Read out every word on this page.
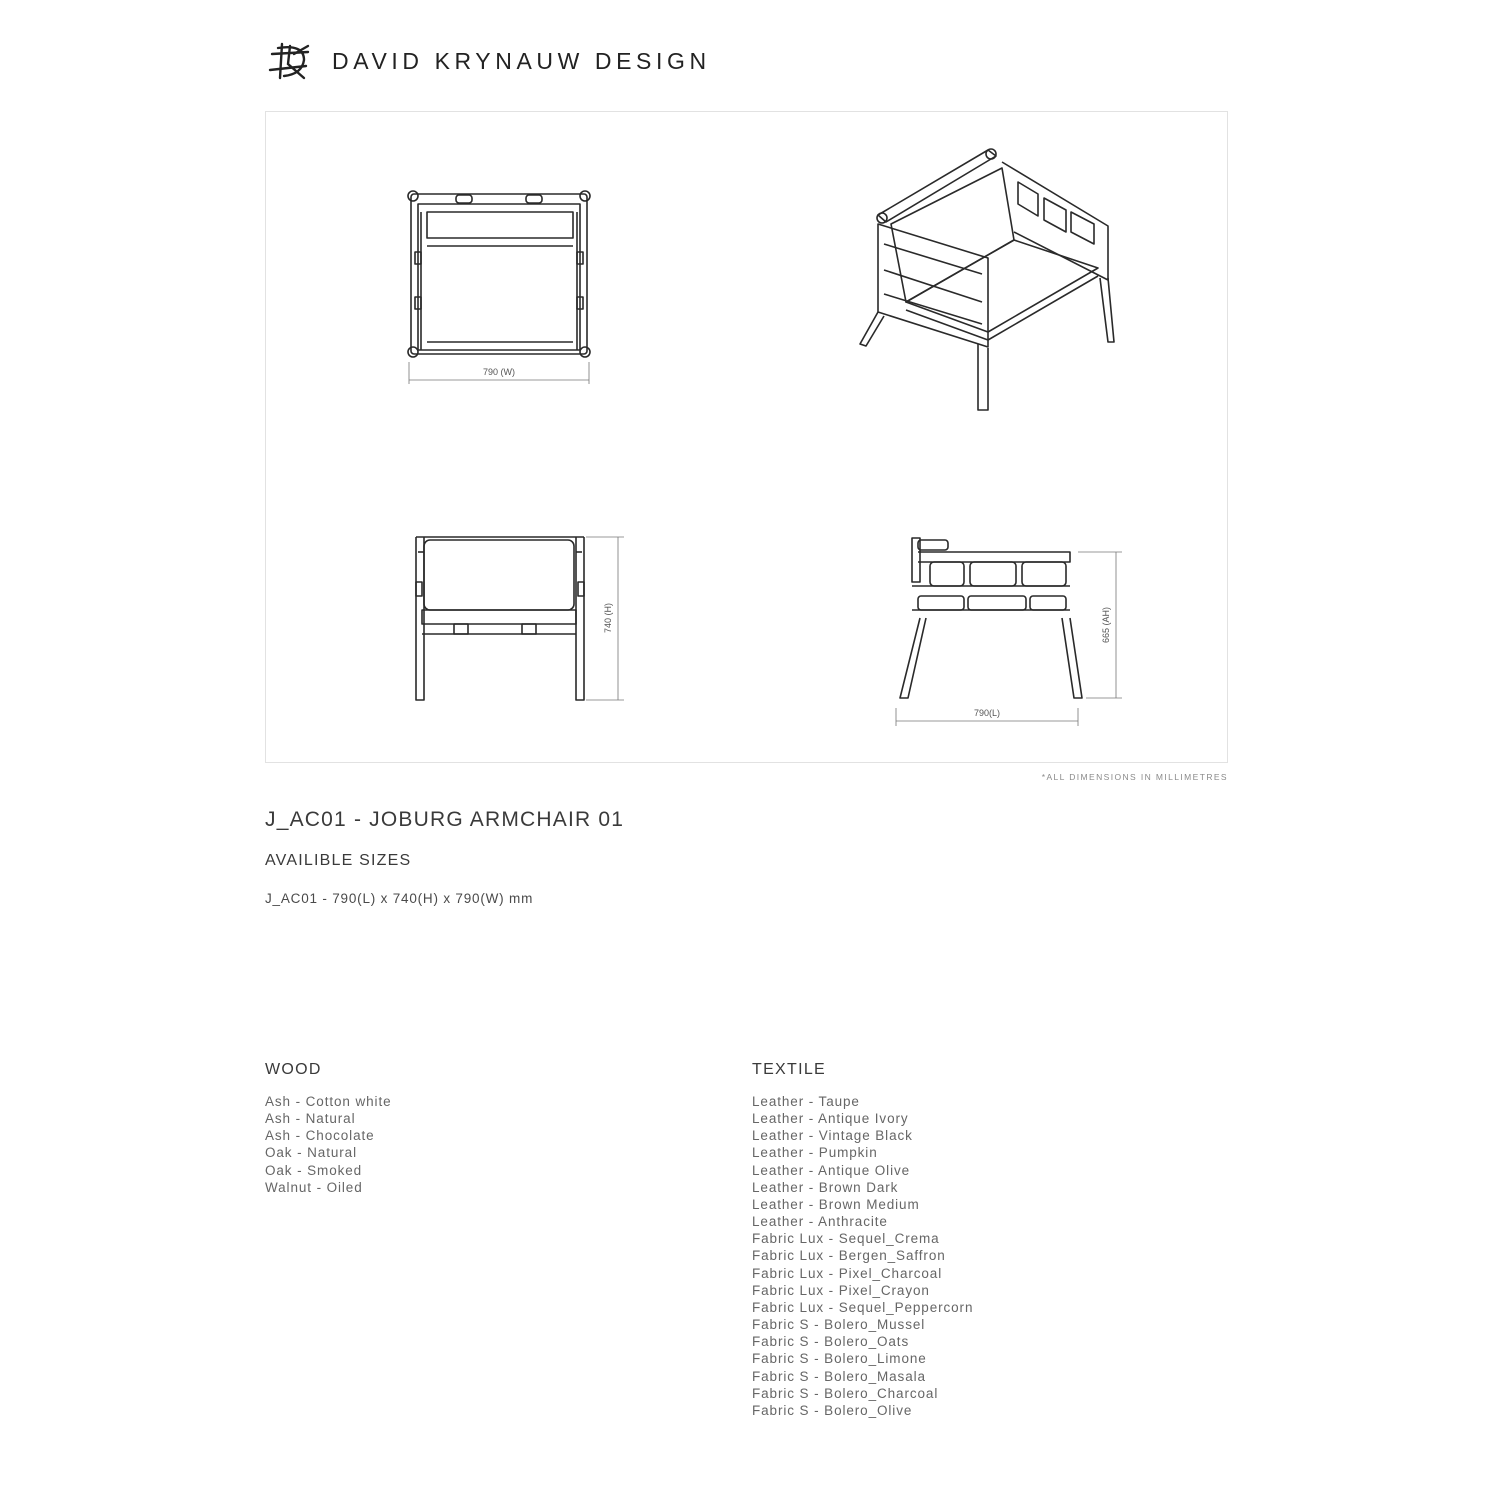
DAVID KRYNAUW DESIGN
790 (W)
740 (H)	665 (AH)
790(L)
*ALL DIMENSIONS IN MILLIMETRES
J_AC01 - JOBURG ARMCHAIR 01
AVAILIBLE SIZES
J_AC01 - 790(L) x 740(H) x 790(W) mm
WOOD
Ash - Cotton white
Ash - Natural
Ash - Chocolate
Oak - Natural
Oak - Smoked
Walnut - Oiled
TEXTILE
Leather - Taupe
Leather - Antique Ivory
Leather - Vintage Black
Leather - Pumpkin
Leather - Antique Olive
Leather - Brown Dark
Leather - Brown Medium
Leather - Anthracite
Fabric Lux - Sequel_Crema
Fabric Lux - Bergen_Saffron
Fabric Lux - Pixel_Charcoal
Fabric Lux - Pixel_Crayon
Fabric Lux - Sequel_Peppercorn
Fabric S - Bolero_Mussel
Fabric S - Bolero_Oats
Fabric S - Bolero_Limone
Fabric S - Bolero_Masala
Fabric S - Bolero_Charcoal
Fabric S - Bolero_Olive
